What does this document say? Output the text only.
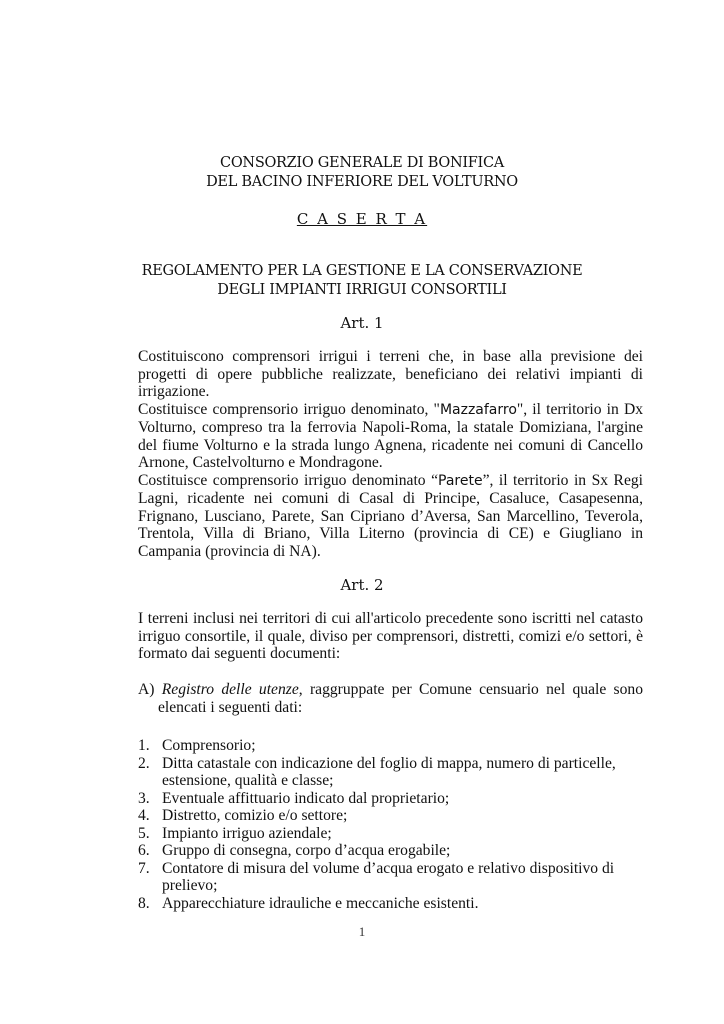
CONSORZIO GENERALE DI BONIFICA
DEL BACINO INFERIORE DEL VOLTURNO
C A S E R T A
REGOLAMENTO PER LA GESTIONE E LA CONSERVAZIONE
DEGLI IMPIANTI IRRIGUI CONSORTILI
Art. 1

Costituiscono comprensori irrigui i terreni che, in base alla previsione dei progetti di opere pubbliche realizzate, beneficiano dei relativi impianti di irrigazione.

Costituisce comprensorio irriguo denominato, "Mazzafarro", il territorio in Dx Volturno, compreso tra la ferrovia Napoli-Roma, la statale Domiziana, l'argine del fiume Volturno e la strada lungo Agnena, ricadente nei comuni di Cancello Arnone, Castelvolturno e Mondragone.

Costituisce comprensorio irriguo denominato “Parete”, il territorio in Sx Regi Lagni, ricadente nei comuni di Casal di Principe, Casaluce, Casapesenna, Frignano, Lusciano, Parete, San Cipriano d’Aversa, San Marcellino, Teverola, Trentola, Villa di Briano, Villa Literno (provincia di CE) e Giugliano in Campania (provincia di NA).

Art. 2

I terreni inclusi nei territori di cui all'articolo precedente sono iscritti nel catasto irriguo consortile, il quale, diviso per comprensori, distretti, comizi e/o settori, è formato dai seguenti documenti:

A) Registro delle utenze, raggruppate per Comune censuario nel quale sono elencati i seguenti dati:

1. Comprensorio;
2. Ditta catastale con indicazione del foglio di mappa, numero di particelle, estensione, qualità e classe;
3. Eventuale affittuario indicato dal proprietario;
4. Distretto, comizio e/o settore;
5. Impianto irriguo aziendale;
6. Gruppo di consegna, corpo d’acqua erogabile;
7. Contatore di misura del volume d’acqua erogato e relativo dispositivo di prelievo;
8. Apparecchiature idrauliche e meccaniche esistenti.
1
